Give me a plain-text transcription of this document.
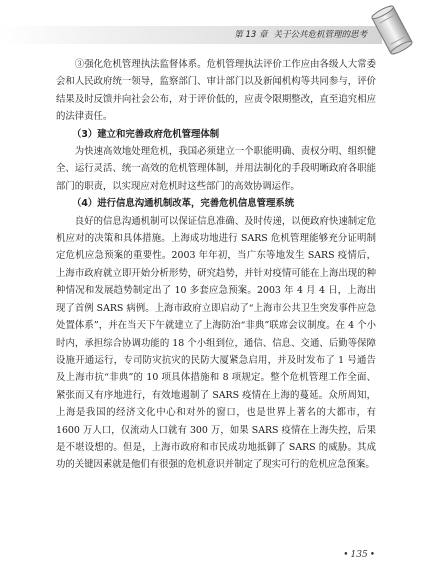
第 13 章 关于公共危机管理的思考

③强化危机管理执法监督体系。危机管理执法评价工作应由各级人大常委会和人民政府统一领导，监察部门、审计部门以及新闻机构等共同参与，评价结果及时反馈并向社会公布，对于评价低的，应责令限期整改，直至追究相应的法律责任。

（3）建立和完善政府危机管理体制

为快速高效地处理危机，我国必须建立一个职能明确、责权分明、组织健全、运行灵活、统一高效的危机管理体制，并用法制化的手段明晰政府各职能部门的职责，以实现应对危机时这些部门的高效协调运作。

（4）进行信息沟通机制改革，完善危机信息管理系统

良好的信息沟通机制可以保证信息准确、及时传递，以便政府快速制定危机应对的决策和具体措施。上海成功地进行 SARS 危机管理能够充分证明制定危机应急预案的重要性。2003 年年初，当广东等地发生 SARS 疫情后，上海市政府就立即开始分析形势，研究趋势，并针对疫情可能在上海出现的种种情况和发展趋势制定出了 10 多套应急预案。2003 年 4 月 4 日，上海出现了首例 SARS 病例。上海市政府立即启动了“上海市公共卫生突发事件应急处置体系”，并在当天下午就建立了上海防治“非典”联席会议制度。在 4 个小时内，承担综合协调功能的 18 个小组到位，通信、信息、交通、后勤等保障设施开通运行，专司防灾抗灾的民防大厦紧急启用，并及时发布了 1 号通告及上海市抗“非典”的 10 项具体措施和 8 项规定。整个危机管理工作全面、紧张而又有序地进行，有效地遏制了 SARS 疫情在上海的蔓延。众所周知，上海是我国的经济文化中心和对外的窗口，也是世界上著名的大都市，有 1600 万人口，仅流动人口就有 300 万，如果 SARS 疫情在上海失控，后果是不堪设想的。但是，上海市政府和市民成功地抵御了 SARS 的威胁。其成功的关键因素就是他们有很强的危机意识并制定了现实可行的危机应急预案。

• 135 •
